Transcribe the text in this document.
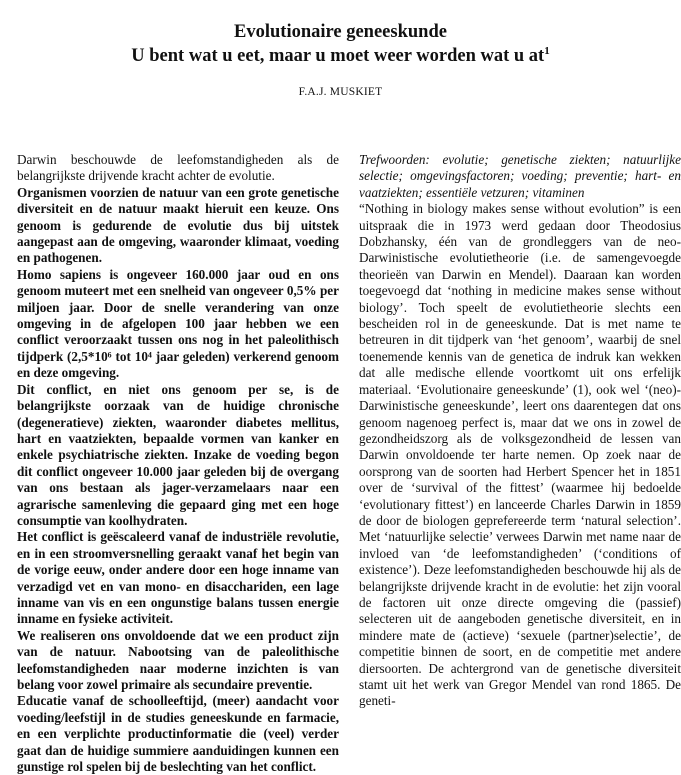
Evolutionaire geneeskunde
U bent wat u eet, maar u moet weer worden wat u $at^1$
F.A.J. MUSKIET

Darwin beschouwde de leefomstandigheden als de belangrijkste drijvende kracht achter de evolutie.

Organismen voorzien de natuur van een grote genetische diversiteit en de natuur maakt hieruit een keuze. Ons genoom is gedurende de evolutie dus bij uitstek aangepast aan de omgeving, waaronder klimaat, voeding en pathogenen.

Homo sapiens is ongeveer 160.000 jaar oud en ons genoom muteert met een snelheid van ongeveer 0,5% per miljoen jaar. Door de snelle verandering van onze omgeving in de afgelopen 100 jaar hebben we een conflict veroorzaakt tussen ons nog in het paleolithisch tijdperk (2,5*10⁶ tot 10⁴ jaar geleden) verkerend genoom en deze omgeving.

Dit conflict, en niet ons genoom per se, is de belangrijkste oorzaak van de huidige chronische (degeneratieve) ziekten, waaronder diabetes mellitus, hart en vaatziekten, bepaalde vormen van kanker en enkele psychiatrische ziekten. Inzake de voeding begon dit conflict ongeveer 10.000 jaar geleden bij de overgang van ons bestaan als jager-verzamelaars naar een agrarische samenleving die gepaard ging met een hoge consumptie van koolhydraten.

Het conflict is geëscaleerd vanaf de industriële revolutie, en in een stroomversnelling geraakt vanaf het begin van de vorige eeuw, onder andere door een hoge inname van verzadigd vet en van mono- en disacchariden, een lage inname van vis en een ongunstige balans tussen energie inname en fysieke activiteit.

We realiseren ons onvoldoende dat we een product zijn van de natuur. Nabootsing van de paleolithische leefomstandigheden naar moderne inzichten is van belang voor zowel primaire als secundaire preventie.

Educatie vanaf de schoolleeftijd, (meer) aandacht voor voeding/leefstijl in de studies geneeskunde en farmacie, en een verplichte productinformatie die (veel) verder gaat dan de huidige summiere aanduidingen kunnen een gunstige rol spelen bij de beslechting van het conflict.

Trefwoorden: evolutie; genetische ziekten; natuurlijke selectie; omgevingsfactoren; voeding; preventie; hart- en vaatziekten; essentiële vetzuren; vitaminen

“Nothing in biology makes sense without evolution” is een uitspraak die in 1973 werd gedaan door Theodosius Dobzhansky, één van de grondleggers van de neo-Darwinistische evolutietheorie (i.e. de samengevoegde theorieën van Darwin en Mendel). Daaraan kan worden toegevoegd dat ‘nothing in medicine makes sense without biology’. Toch speelt de evolutietheorie slechts een bescheiden rol in de geneeskunde. Dat is met name te betreuren in dit tijdperk van ‘het genoom’, waarbij de snel toenemende kennis van de genetica de indruk kan wekken dat alle medische ellende voortkomt uit ons erfelijk materiaal. ‘Evolutionaire geneeskunde’ (1), ook wel ‘(neo)-Darwinistische geneeskunde’, leert ons daarentegen dat ons genoom nagenoeg perfect is, maar dat we ons in zowel de gezondheidszorg als de volksgezondheid de lessen van Darwin onvoldoende ter harte nemen. Op zoek naar de oorsprong van de soorten had Herbert Spencer het in 1851 over de ‘survival of the fittest’ (waarmee hij bedoelde ‘evolutionary fittest’) en lanceerde Charles Darwin in 1859 de door de biologen geprefereerde term ‘natural selection’. Met ‘natuurlijke selectie’ verwees Darwin met name naar de invloed van ‘de leefomstandigheden’ (‘conditions of existence’). Deze leefomstandigheden beschouwde hij als de belangrijkste drijvende kracht in de evolutie: het zijn vooral de factoren uit onze directe omgeving die (passief) selecteren uit de aangeboden genetische diversiteit, en in mindere mate de (actieve) ‘sexuele (partner)selectie’, de competitie binnen de soort, en de competitie met andere diersoorten. De achtergrond van de genetische diversiteit stamt uit het werk van Gregor Mendel van rond 1865. De geneti-
